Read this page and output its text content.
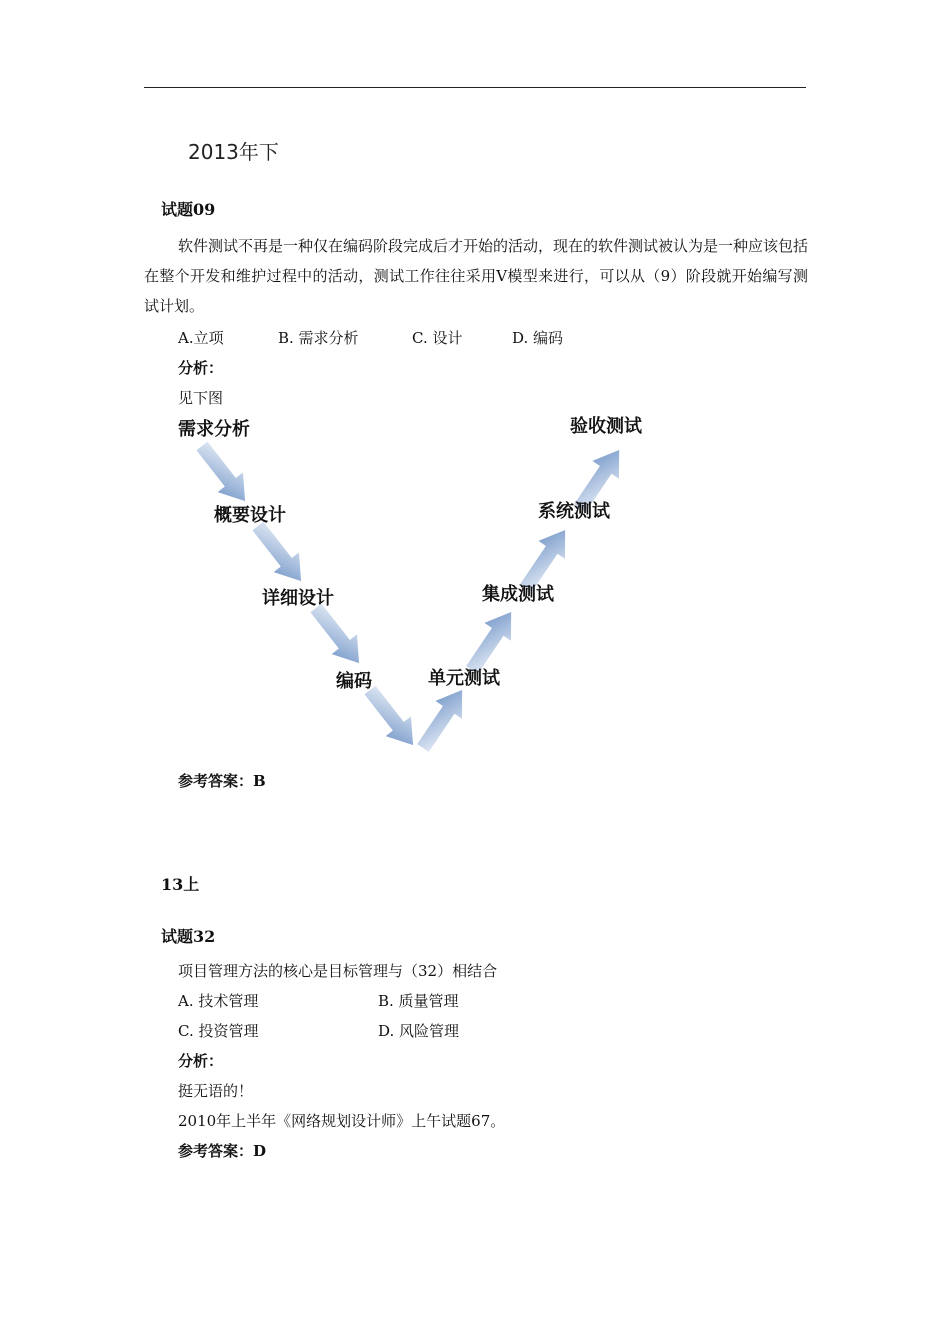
2013年下
试题09
软件测试不再是一种仅在编码阶段完成后才开始的活动，现在的软件测试被认为是一种应该包括在整个开发和维护过程中的活动，测试工作往往采用V模型来进行，可以从（9）阶段就开始编写测试计划。
A.立项	B. 需求分析	C. 设计	D. 编码
分析：
见下图
需求分析
概要设计
详细设计
编码	单元测试
集成测试
系统测试
验收测试
参考答案：B
13上
试题32
项目管理方法的核心是目标管理与（32）相结合
A. 技术管理	B. 质量管理
C. 投资管理	D. 风险管理
分析：
挺无语的！
2010年上半年《网络规划设计师》上午试题67。
参考答案：D
